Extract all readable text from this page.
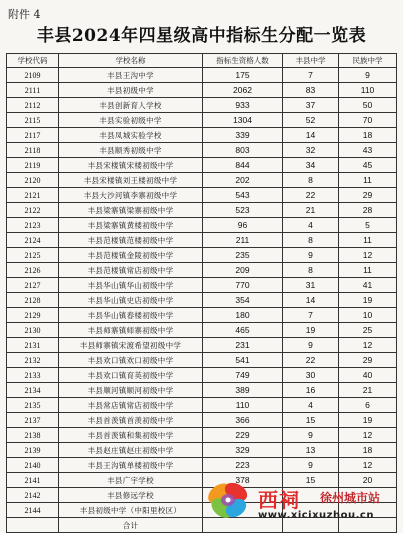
附件 4
丰县2024年四星级高中指标生分配一览表
学校代码	学校名称	指标生资格人数	丰县中学	民族中学
2109	丰县王沟中学	175	7	9
2111	丰县初级中学	2062	83	110
2112	丰县创新育人学校	933	37	50
2115	丰县实验初级中学	1304	52	70
2117	丰县凤城实验学校	339	14	18
2118	丰县顺秀初级中学	803	32	43
2119	丰县宋楼镇宋楼初级中学	844	34	45
2120	丰县宋楼镇刘王楼初级中学	202	8	11
2121	丰县大沙河镇李寨初级中学	543	22	29
2122	丰县梁寨镇梁寨初级中学	523	21	28
2123	丰县梁寨镇黄楼初级中学	96	4	5
2124	丰县范楼镇范楼初级中学	211	8	11
2125	丰县范楼镇金陵初级中学	235	9	12
2126	丰县范楼镇常店初级中学	209	8	11
2127	丰县华山镇华山初级中学	770	31	41
2128	丰县华山镇史店初级中学	354	14	19
2129	丰县华山镇春楼初级中学	180	7	10
2130	丰县师寨镇师寨初级中学	465	19	25
2131	丰县师寨镇宋渡希望初级中学	231	9	12
2132	丰县欢口镇欢口初级中学	541	22	29
2133	丰县欢口镇育英初级中学	749	30	40
2134	丰县顺河镇顺河初级中学	389	16	21
2135	丰县常店镇常店初级中学	110	4	6
2137	丰县首羡镇首羡初级中学	366	15	19
2138	丰县首羡镇和集初级中学	229	9	12
2139	丰县赵庄镇赵庄初级中学	329	13	18
2140	丰县王沟镇单楼初级中学	223	9	12
2141	丰县广宇学校	378	15	20
2142	丰县修远学校			
2144	丰县初级中学（中阳里校区）			
	合计			
西祠 徐州城市站
www.xicixuzhou.cn
